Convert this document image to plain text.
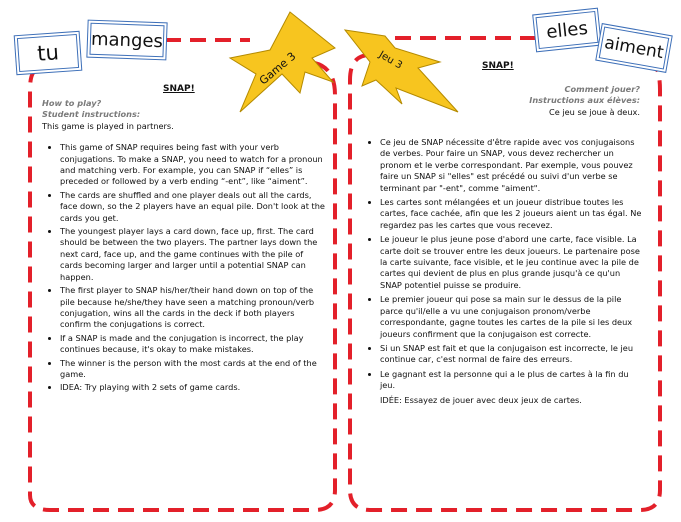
Game 3	Jeu 3
tu
manges	elles
aiment
SNAP!
How to play?
Student instructions:
This game is played in partners.
• This game of SNAP requires being fast with your verb conjugations. To make a SNAP, you need to watch for a pronoun and matching verb. For example, you can SNAP if “elles” is preceded or followed by a verb ending “-ent”, like “aiment”.
• The cards are shuffled and one player deals out all the cards, face down, so the 2 players have an equal pile. Don't look at the cards you get.
• The youngest player lays a card down, face up, first. The card should be between the two players. The partner lays down the next card, face up, and the game continues with the pile of cards becoming larger and larger until a potential SNAP can happen.
• The first player to SNAP his/her/their hand down on top of the pile because he/she/they have seen a matching pronoun/verb conjugation, wins all the cards in the deck if both players confirm the conjugations is correct.
• If a SNAP is made and the conjugation is incorrect, the play continues because, it's okay to make mistakes.
• The winner is the person with the most cards at the end of the game.
• IDEA: Try playing with 2 sets of game cards.
SNAP!
Comment jouer?
Instructions aux élèves:
Ce jeu se joue à deux.
• Ce jeu de SNAP nécessite d'être rapide avec vos conjugaisons de verbes. Pour faire un SNAP, vous devez rechercher un pronom et le verbe correspondant. Par exemple, vous pouvez faire un SNAP si "elles" est précédé ou suivi d'un verbe se terminant par "-ent", comme "aiment".
• Les cartes sont mélangées et un joueur distribue toutes les cartes, face cachée, afin que les 2 joueurs aient un tas égal. Ne regardez pas les cartes que vous recevez.
• Le joueur le plus jeune pose d'abord une carte, face visible. La carte doit se trouver entre les deux joueurs. Le partenaire pose la carte suivante, face visible, et le jeu continue avec la pile de cartes qui devient de plus en plus grande jusqu'à ce qu'un SNAP potentiel puisse se produire.
• Le premier joueur qui pose sa main sur le dessus de la pile parce qu'il/elle a vu une conjugaison pronom/verbe correspondante, gagne toutes les cartes de la pile si les deux joueurs confirment que la conjugaison est correcte.
• Si un SNAP est fait et que la conjugaison est incorrecte, le jeu continue car, c'est normal de faire des erreurs.
• Le gagnant est la personne qui a le plus de cartes à la fin du jeu.
IDÉE: Essayez de jouer avec deux jeux de cartes.
